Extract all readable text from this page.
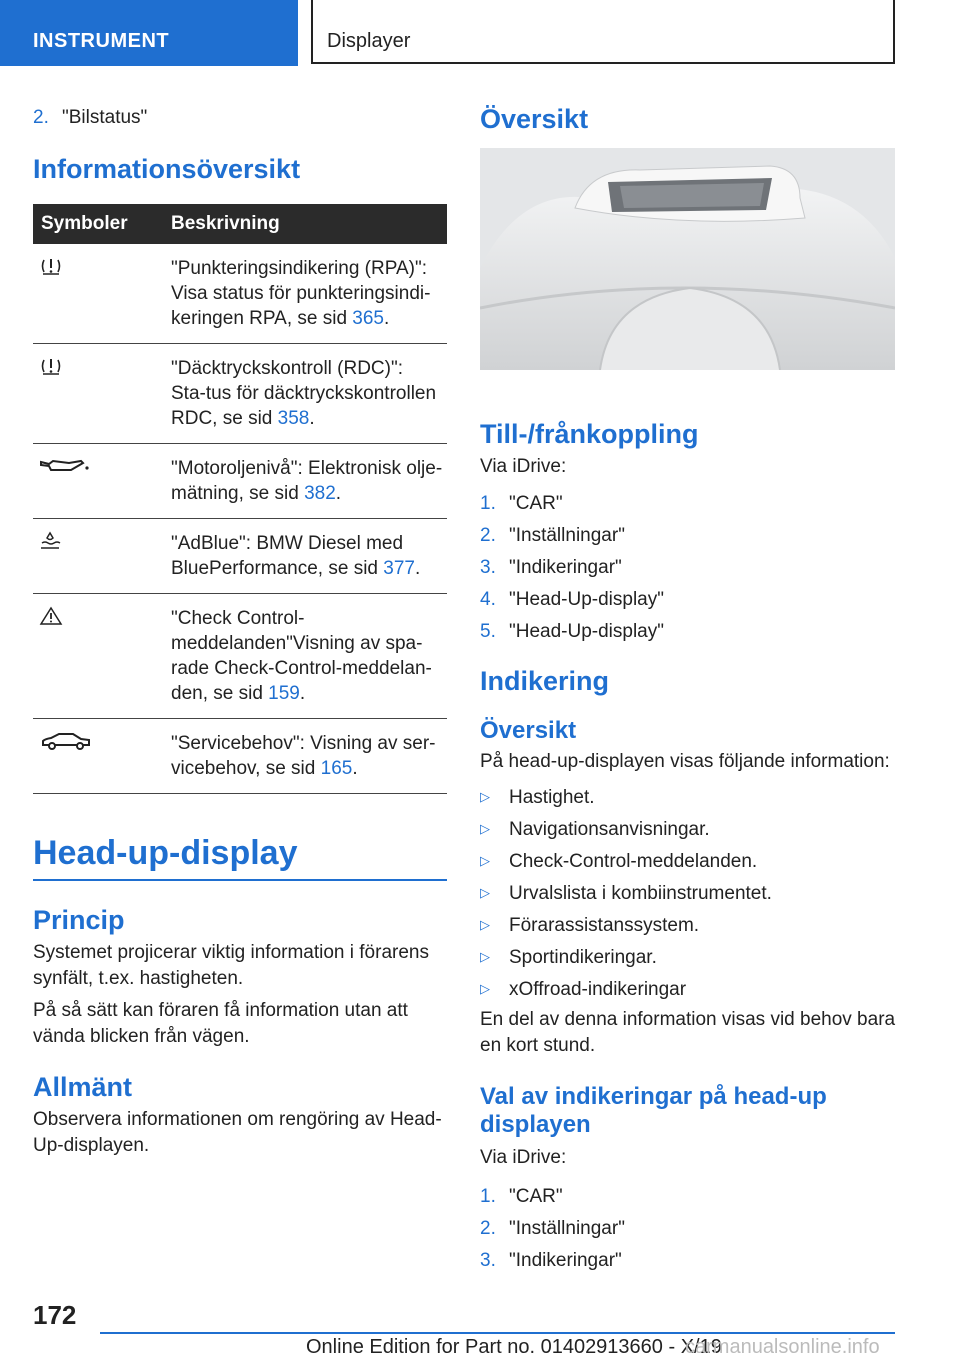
INSTRUMENT	Displayer
2. "Bilstatus"
Informationsöversikt
Symboler	Beskrivning
	"Punkteringsindikering (RPA)": Visa status för punkteringsindi-keringen RPA, se sid 365.
	"Däcktryckskontroll (RDC)": Sta-tus för däcktryckskontrollen RDC, se sid 358.
	"Motoroljenivå": Elektronisk olje-mätning, se sid 382.
	"AdBlue": BMW Diesel med BluePerformance, se sid 377.
	"Check Control-meddelanden"Visning av spa-rade Check-Control-meddelan-den, se sid 159.
	"Servicebehov": Visning av ser-vicebehov, se sid 165.
Head-up-display
Princip

Systemet projicerar viktig information i förarens synfält, t.ex. hastigheten.

På så sätt kan föraren få information utan att vända blicken från vägen.

Allmänt

Observera informationen om rengöring av Head-Up-displayen.

Översikt
Till-/frånkoppling

Via iDrive:

1. "CAR"
2. "Inställningar"
3. "Indikeringar"
4. "Head-Up-display"
5. "Head-Up-display"
Indikering
Översikt

På head-up-displayen visas följande information:

▷ Hastighet.
▷ Navigationsanvisningar.
▷ Check-Control-meddelanden.
▷ Urvalslista i kombiinstrumentet.
▷ Förarassistanssystem.
▷ Sportindikeringar.
▷ xOffroad-indikeringar

En del av denna information visas vid behov bara en kort stund.

Val av indikeringar på head-up displayen

Via iDrive:

1. "CAR"
2. "Inställningar"
3. "Indikeringar"
172
Online Edition for Part no. 01402913660 - X/19
carmanualsonline.info
